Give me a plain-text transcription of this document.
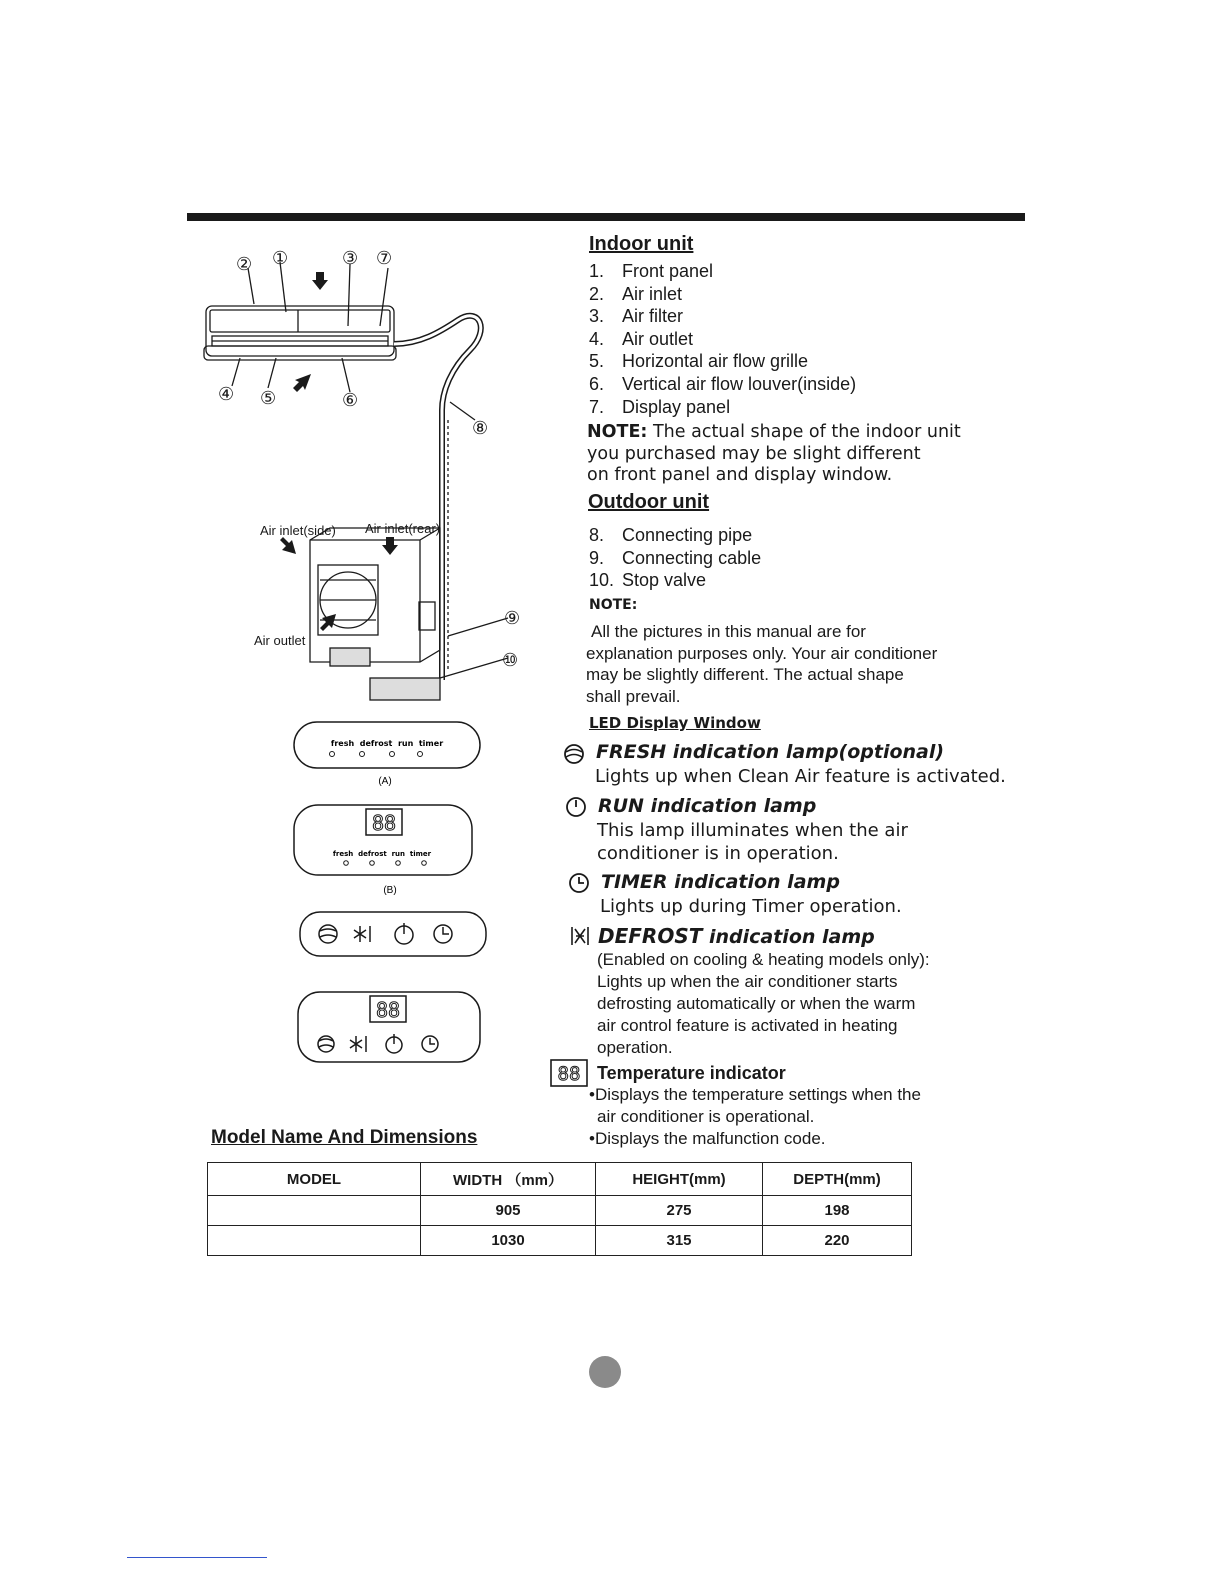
①
②	③
④ ⑤	⑥
⑦
⑧
⑨
⑩
Air inlet(side) Air inlet(rear)
Air outlet
fresh  defrost  run  timer
(A)
88
fresh  defrost  run  timer
(B)
88
Indoor unit
1. Front panel
2. Air inlet
3. Air filter
4. Air outlet
5. Horizontal air flow grille
6. Vertical air flow louver(inside)
7. Display panel
NOTE: The actual shape of the indoor unit
you purchased may be slight different
on front panel and display window.
Outdoor unit
8. Connecting pipe
9. Connecting cable
10. Stop valve
NOTE:
All the pictures in this manual are for
explanation purposes only. Your air conditioner
may be slightly different. The actual shape
shall prevail.
LED Display Window
FRESH indication lamp(optional)
Lights up when Clean Air feature is activated.
RUN indication lamp
This lamp illuminates when the air
conditioner is in operation.
TIMER indication lamp
Lights up during Timer operation.
DEFROST indication lamp
(Enabled on cooling & heating models only):
Lights up when the air conditioner starts
defrosting automatically or when the warm
air control feature is activated in heating
operation.
88 Temperature indicator
•Displays the temperature settings when the
air conditioner is operational.
•Displays the malfunction code.
Model Name And Dimensions
MODEL	WIDTH （mm）	HEIGHT(mm)	DEPTH(mm)
	905	275	198
	1030	315	220
